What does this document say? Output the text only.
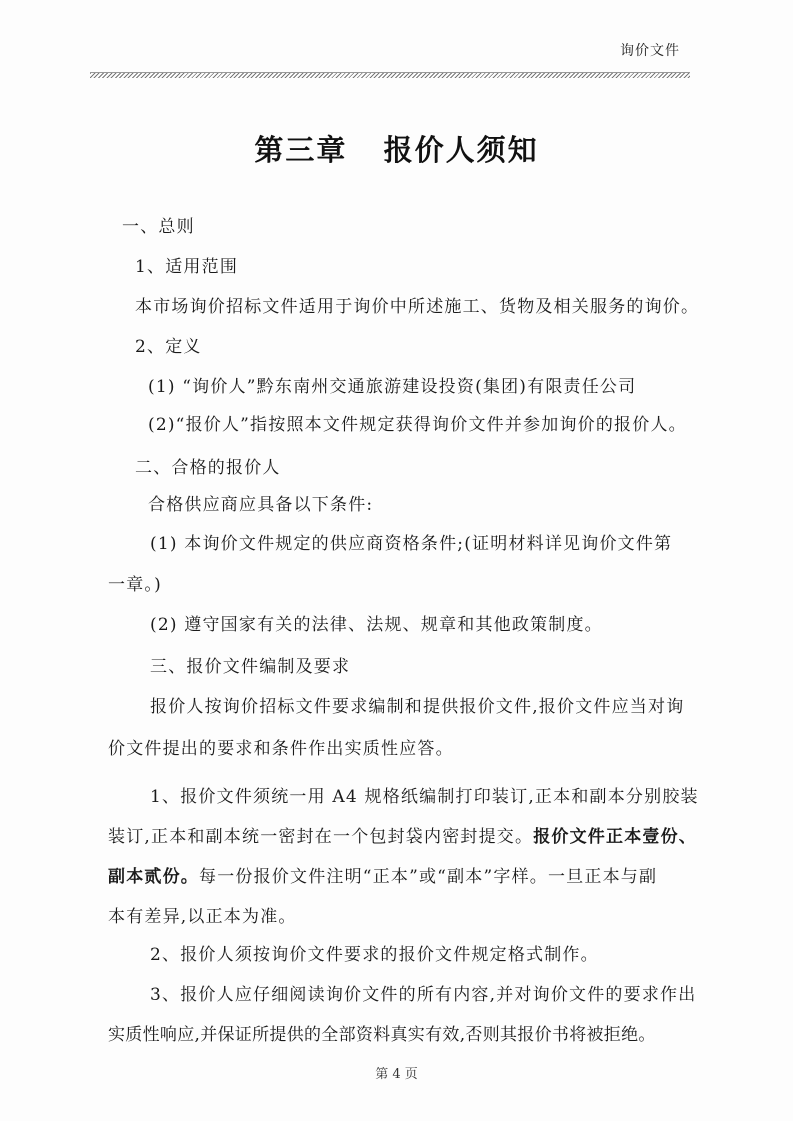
询价文件
第三章   报价人须知
一、总则
1、适用范围
本市场询价招标文件适用于询价中所述施工、货物及相关服务的询价。
2、定义
(1) “询价人”黔东南州交通旅游建设投资(集团)有限责任公司
(2)“报价人”指按照本文件规定获得询价文件并参加询价的报价人。
二、合格的报价人
合格供应商应具备以下条件:
(1) 本询价文件规定的供应商资格条件;(证明材料详见询价文件第
一章。)
(2) 遵守国家有关的法律、法规、规章和其他政策制度。
三、报价文件编制及要求
报价人按询价招标文件要求编制和提供报价文件,报价文件应当对询
价文件提出的要求和条件作出实质性应答。
1、报价文件须统一用 A4 规格纸编制打印装订,正本和副本分别胶装
装订,正本和副本统一密封在一个包封袋内密封提交。报价文件正本壹份、
副本贰份。每一份报价文件注明“正本”或“副本”字样。一旦正本与副
本有差异,以正本为准。
2、报价人须按询价文件要求的报价文件规定格式制作。
3、报价人应仔细阅读询价文件的所有内容,并对询价文件的要求作出
实质性响应,并保证所提供的全部资料真实有效,否则其报价书将被拒绝。
第 4 页
